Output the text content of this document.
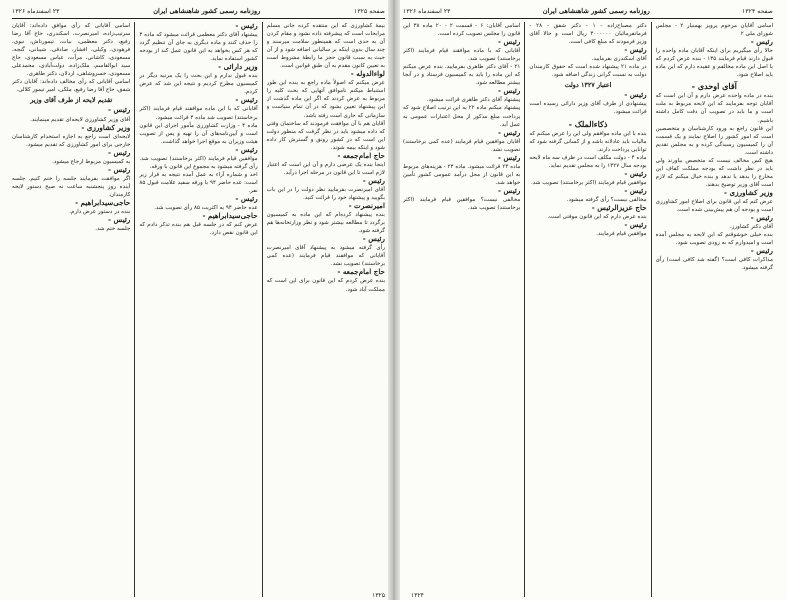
صفحه ۱۳۲۵
روزنامه رسمی کشور شاهنشاهی ایران
۲۳ اسفندماه ۱۳۲۶

بیمهٔ کشاورزی که این منتقده کرده جانی مسلم مرابحات است که پیشرفته داده نشود و مقام کردن آن به حدی است که همینطور سلامت میرسند و چند سال بدون اینکه بر سالیانی اضافه شود و از آن حیث به سبب قانون حجز ما رابطهٔ مشروط است به تعیین کانون مقدم به آن طبق قوانین است.

لواءالدوله -

عرض میکنم که اصولاً ماده راجع به بنده این طور استنباط میکنم ناموافق آنهایی که بحث کلیه را مربوط به عرض کردند که اگر این ماده گذشت از این پیشنهاد تعیین بشود که در آن تمام سیاست و سازمانی که جاری است رفته باشد.

آقایان هم با آن موافقت فرمودند که ساختمان وقتی که داده میشود باید در نظر گرفت که منظور دولت این است که در کشور رونق و گسترش کار داده شود و اینکه بیمه شوند.

حاج امام‌جمعه -

اینجا بنده یک عرضی دارم و آن این است که اعتبار لازم است تا این قانون در مرحله اجرا درآید.

رئیس -

آقای امیرنصرت بفرمایید نظر دولت را در این باب بگویید و پیشنهاد خود را قرائت کنید.

امیرنصرت -

بنده پیشنهاد کرده‌ام که این ماده به کمیسیون برگردد تا مطالعه بیشتر شود و نظر وزارتخانه‌ها هم گرفته شود.

رئیس -

رأی گرفته میشود به پیشنهاد آقای امیرنصرت آقایانی که موافقند قیام فرمایند (عده کمی برخاستند) تصویب نشد.

حاج امام‌جمعه -

بنده عرض کردم که این قانون برای این است که مملکت آباد شود.

رئیس -

پیشنهاد آقای دکتر معظمی قرائت میشود که ماده ۳ را حذف کنند و ماده دیگری به جای آن تنظیم گردد که هر کس بخواهد به این قانون عمل کند از بودجه کشور استفاده نماید.

وزیر دارائی -

بنده قبول ندارم و این بحث را یک مرتبه دیگر در کمیسیون مطرح کردیم و نتیجه این شد که عرض کردم.

رئیس -

آقایانی که با این ماده موافقند قیام فرمایند (اکثر برخاستند) تصویب شد ماده ۴ قرائت میشود.

ماده ۴ - وزارت کشاورزی مأمور اجرای این قانون است و آیین‌نامه‌های آن را تهیه و پس از تصویب هیئت وزیران به موقع اجرا خواهد گذاشت.

رئیس -

موافقین قیام فرمایند (اکثر برخاستند) تصویب شد. رأی گرفته میشود به مجموع این قانون با ورقه.

اخذ و شماره آراء به عمل آمده نتیجه به قرار زیر است: عده حاضر ۹۴ با ورقه سفید علامت قبول ۸۵ نفر.

رئیس -

عده حاضر ۹۴ به اکثریت ۸۵ رأی تصویب شد.

حاجی‌سیدابراهیم -

عرض کنم که در جلسه قبل هم بنده تذکر دادم که این قانون نقص دارد.

اسامی آقایانی که رأی موافق داده‌اند: آقایان سرتیپ‌زاده، امیرنصرت، اسکندری، حاج آقا رضا رفیع، دکتر معظمی، بیات، تیمورتاش، نبوی، فرهودی، وکیلی، افشار، صادقی، شیبانی، گنجه، مسعودی، کاشانی، مرآت، عباس مسعودی، حاج سید ابوالقاسم، ملک‌زاده، دولت‌آبادی، محمدعلی مسعودی، خسروشاهی، اردلان، دکتر طاهری.

اسامی آقایانی که رأی مخالف داده‌اند: آقایان دکتر شفق، حاج آقا رضا رفیع، ملکی، امیر تیمور کلالی.

تقدیم لایحه از طرف آقای وزیر

رئیس -

آقای وزیر کشاورزی لایحه‌ای تقدیم مینمایند.

وزیر کشاورزی -

لایحه‌ای است راجع به اجازه استخدام کارشناسان خارجی برای امور کشاورزی که تقدیم میشود.

رئیس -

به کمیسیون مربوط ارجاع میشود.

رئیس -

اگر موافقت بفرمایند جلسه را ختم کنیم. جلسه آینده روز پنجشنبه ساعت نه صبح دستور لایحه کارمندان.

حاجی‌سیدابراهیم -

بنده در دستور عرض دارم.

رئیس -

جلسه ختم شد.

۱۳۲۵
صفحه ۱۳۲۴
روزنامه رسمی کشور شاهنشاهی ایران
۲۳ اسفندماه ۱۳۲۶

اسامی آقایان مرحوم پرویز بهمنیار ۲ - مجلس شورای ملی ۲

رئیس -

حالا رأی میگیریم برای اینکه آقایان ماده واحده را قبول دارند قیام فرمایند ۱۳۵ - بنده عرض کردم که با اصل این ماده مخالفم و عقیده دارم که این ماده باید اصلاح شود.

آقای اوحدی -

بنده در ماده واحده عرض دارم و آن این است که آقایان توجه بفرمایند که این لایحه مربوط به ملت است و ما باید در تصویب آن دقت کامل داشته باشیم.

این قانون راجع به ورود کارشناسان و متخصصین است که امور کشور را اصلاح نمایند و یک قسمت آن را کمیسیون رسیدگی کرده و به مجلس تقدیم داشته است.

هیچ کس مخالف نیست که متخصص بیاورند ولی باید در نظر داشت که بودجه مملکت کفاف این مخارج را بدهد یا ندهد و بنده خیال میکنم که لازم است آقای وزیر توضیح بدهند.

وزیر کشاورزی -

عرض کنم که این قانون برای اصلاح امور کشاورزی است و بودجه آن هم پیش‌بینی شده است.

رئیس -

آقای دکتر کشاورز.

بنده خیلی خوشوقتم که این لایحه به مجلس آمده است و امیدوارم که به زودی تصویب شود.

رئیس -

مذاکرات کافی است؟ (گفته شد کافی است) رأی گرفته میشود.

دکتر مصباح‌زاده - ۱ - دکتر شفق - ۲۸ - فرمانفرمائیان ۳۰۰۰۰۰۰ ریال است و حالا آقای وزیر فرمودند که مبلغ کافی است.

رئیس -

آقای اسکندری بفرمایید.

در ماده ۲۱ پیشنهاد شده است که حقوق کارمندان دولت به نسبت گرانی زندگی اضافه شود.

اعتبار ۱۳۲۷ دولت

رئیس -

پیشنهادی از طرف آقای وزیر دارائی رسیده است قرائت میشود.

ذکاء‌الملک -

بنده با این ماده موافقم ولی این را عرض میکنم که مالیات باید عادلانه باشد و از کسانی گرفته شود که توانایی پرداخت دارند.

ماده ۴ - دولت مکلف است در ظرف سه ماه لایحه بودجه سال ۱۳۲۷ را به مجلس تقدیم نماید.

رئیس -

موافقین قیام فرمایند (اکثر برخاستند) تصویب شد.

رئیس -

مخالفی نیست؟ رأی گرفته میشود.

حاج عزیزالرئیس -

بنده عرض دارم که این قانون موقتی است.

رئیس -

موافقین قیام فرمایند.

اسامی آقایان: ۶ - قسمت ۲ - ۲۰ ماده ۳۸ این قانون را مجلس تصویب کرده است.

رئیس -

آقایانی که با ماده موافقند قیام فرمایند (اکثر برخاستند) تصویب شد.

۲۱ - آقای دکتر طاهری بفرمایید. بنده عرض میکنم که این ماده را باید به کمیسیون فرستاد و در آنجا بیشتر مطالعه شود.

رئیس -

پیشنهاد آقای دکتر طاهری قرائت میشود.

پیشنهاد میکنم ماده ۲۲ به این ترتیب اصلاح شود که پرداخت مبلغ مذکور از محل اعتبارات عمومی به عمل آید.

رئیس -

آقایان موافقین قیام فرمایند (عده کمی برخاستند) تصویب نشد.

رئیس -

ماده ۲۳ قرائت میشود. ماده ۲۳ - هزینه‌های مربوط به این قانون از محل درآمد عمومی کشور تأمین خواهد شد.

رئیس -

مخالفی نیست؟ موافقین قیام فرمایند (اکثر برخاستند) تصویب شد.

۱۳۲۴
